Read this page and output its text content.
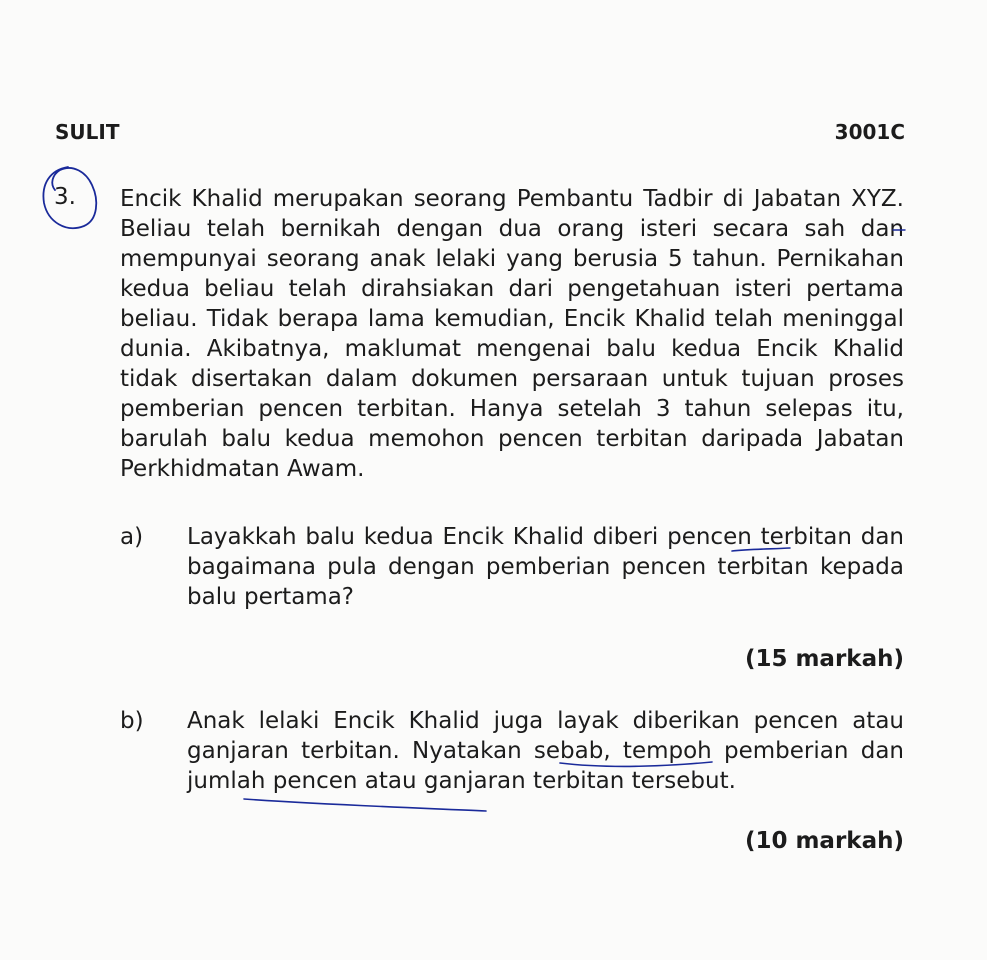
SULIT	3001C
3. Encik Khalid merupakan seorang Pembantu Tadbir di Jabatan XYZ. Beliau telah bernikah dengan dua orang isteri secara sah dan mempunyai seorang anak lelaki yang berusia 5 tahun. Pernikahan kedua beliau telah dirahsiakan dari pengetahuan isteri pertama beliau. Tidak berapa lama kemudian, Encik Khalid telah meninggal dunia. Akibatnya, maklumat mengenai balu kedua Encik Khalid tidak disertakan dalam dokumen persaraan untuk tujuan proses pemberian pencen terbitan. Hanya setelah 3 tahun selepas itu, barulah balu kedua memohon pencen terbitan daripada Jabatan Perkhidmatan Awam.
a) Layakkah balu kedua Encik Khalid diberi pencen terbitan dan bagaimana pula dengan pemberian pencen terbitan kepada balu pertama?
(15 markah)
b) Anak lelaki Encik Khalid juga layak diberikan pencen atau ganjaran terbitan. Nyatakan sebab, tempoh pemberian dan jumlah pencen atau ganjaran terbitan tersebut.
(10 markah)
